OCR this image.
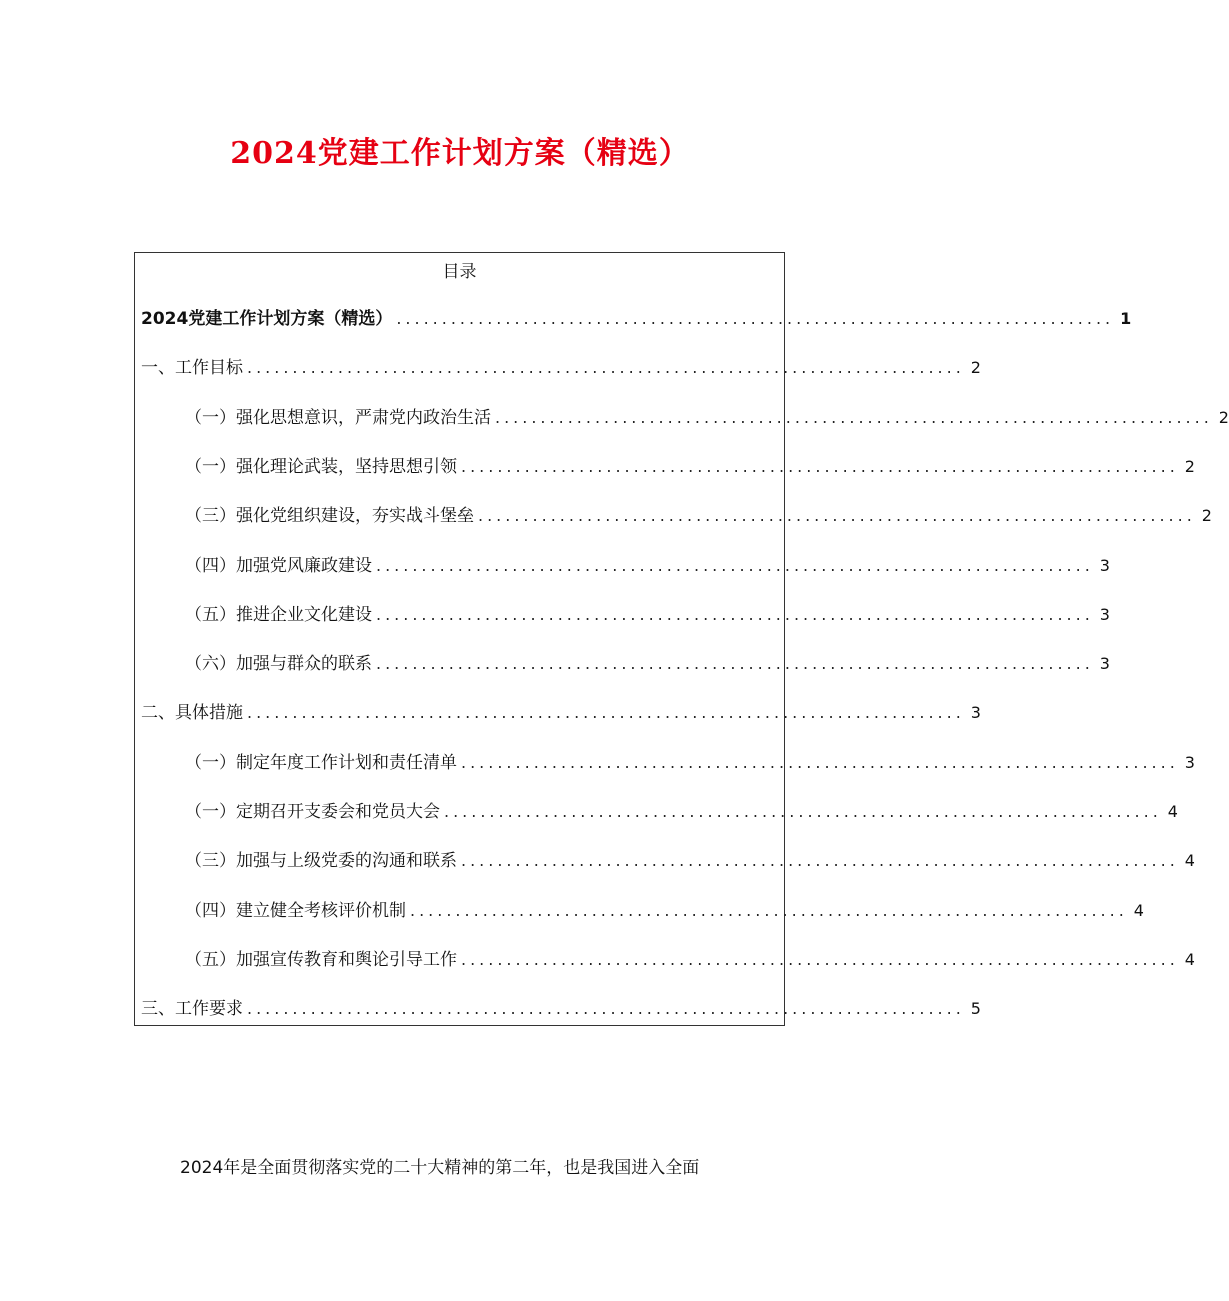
2024党建工作计划方案（精选）
目录
2024党建工作计划方案（精选） ............................................................................... 1
一、工作目标 ............................................................................... 2
（一）强化思想意识，严肃党内政治生活 ............................................................................... 2
（一）强化理论武装，坚持思想引领 ............................................................................... 2
（三）强化党组织建设，夯实战斗堡垒 ............................................................................... 2
（四）加强党风廉政建设 ............................................................................... 3
（五）推进企业文化建设 ............................................................................... 3
（六）加强与群众的联系 ............................................................................... 3
二、具体措施 ............................................................................... 3
（一）制定年度工作计划和责任清单 ............................................................................... 3
（一）定期召开支委会和党员大会 ............................................................................... 4
（三）加强与上级党委的沟通和联系 ............................................................................... 4
（四）建立健全考核评价机制 ............................................................................... 4
（五）加强宣传教育和舆论引导工作 ............................................................................... 4
三、工作要求 ............................................................................... 5

2024年是全面贯彻落实党的二十大精神的第二年，也是我国进入全面
